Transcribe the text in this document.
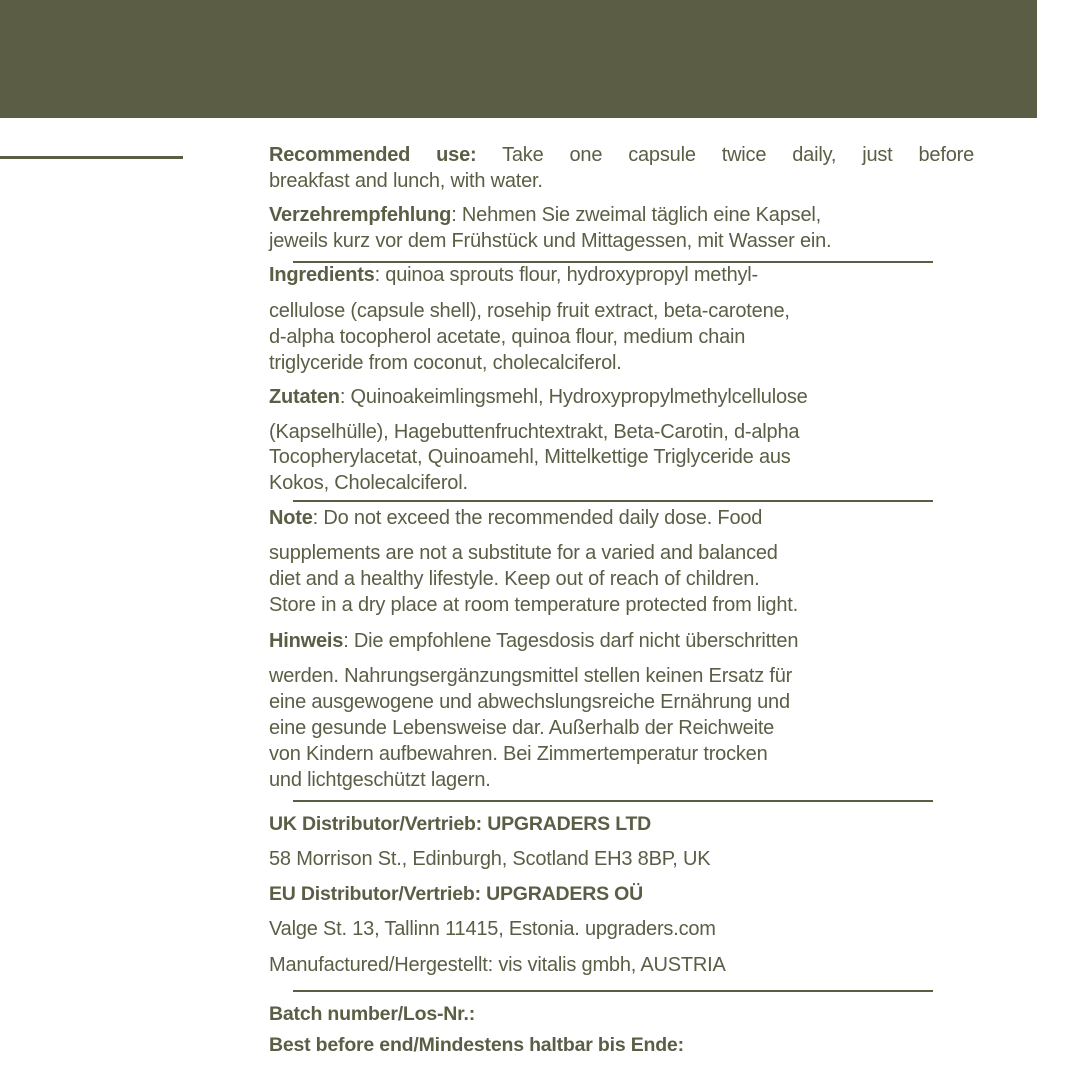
Recommended use: Take one capsule twice daily, just before
breakfast and lunch, with water.
Verzehrempfehlung: Nehmen Sie zweimal täglich eine Kapsel,
jeweils kurz vor dem Frühstück und Mittagessen, mit Wasser ein.
Ingredients: quinoa sprouts flour, hydroxypropyl methyl-
cellulose (capsule shell), rosehip fruit extract, beta-carotene,
d-alpha tocopherol acetate, quinoa flour, medium chain
triglyceride from coconut, cholecalciferol.
Zutaten: Quinoakeimlingsmehl, Hydroxypropylmethylcellulose
(Kapselhülle), Hagebuttenfruchtextrakt, Beta-Carotin, d-alpha
Tocopherylacetat, Quinoamehl, Mittelkettige Triglyceride aus
Kokos, Cholecalciferol.
Note: Do not exceed the recommended daily dose. Food
supplements are not a substitute for a varied and balanced
diet and a healthy lifestyle. Keep out of reach of children.
Store in a dry place at room temperature protected from light.
Hinweis: Die empfohlene Tagesdosis darf nicht überschritten
werden. Nahrungsergänzungsmittel stellen keinen Ersatz für
eine ausgewogene und abwechslungsreiche Ernährung und
eine gesunde Lebensweise dar. Außerhalb der Reichweite
von Kindern aufbewahren. Bei Zimmertemperatur trocken
und lichtgeschützt lagern.
UK Distributor/Vertrieb: UPGRADERS LTD
58 Morrison St., Edinburgh, Scotland EH3 8BP, UK
EU Distributor/Vertrieb: UPGRADERS OÜ
Valge St. 13, Tallinn 11415, Estonia. upgraders.com
Manufactured/Hergestellt: vis vitalis gmbh, AUSTRIA
Batch number/Los-Nr.:
Best before end/Mindestens haltbar bis Ende:
